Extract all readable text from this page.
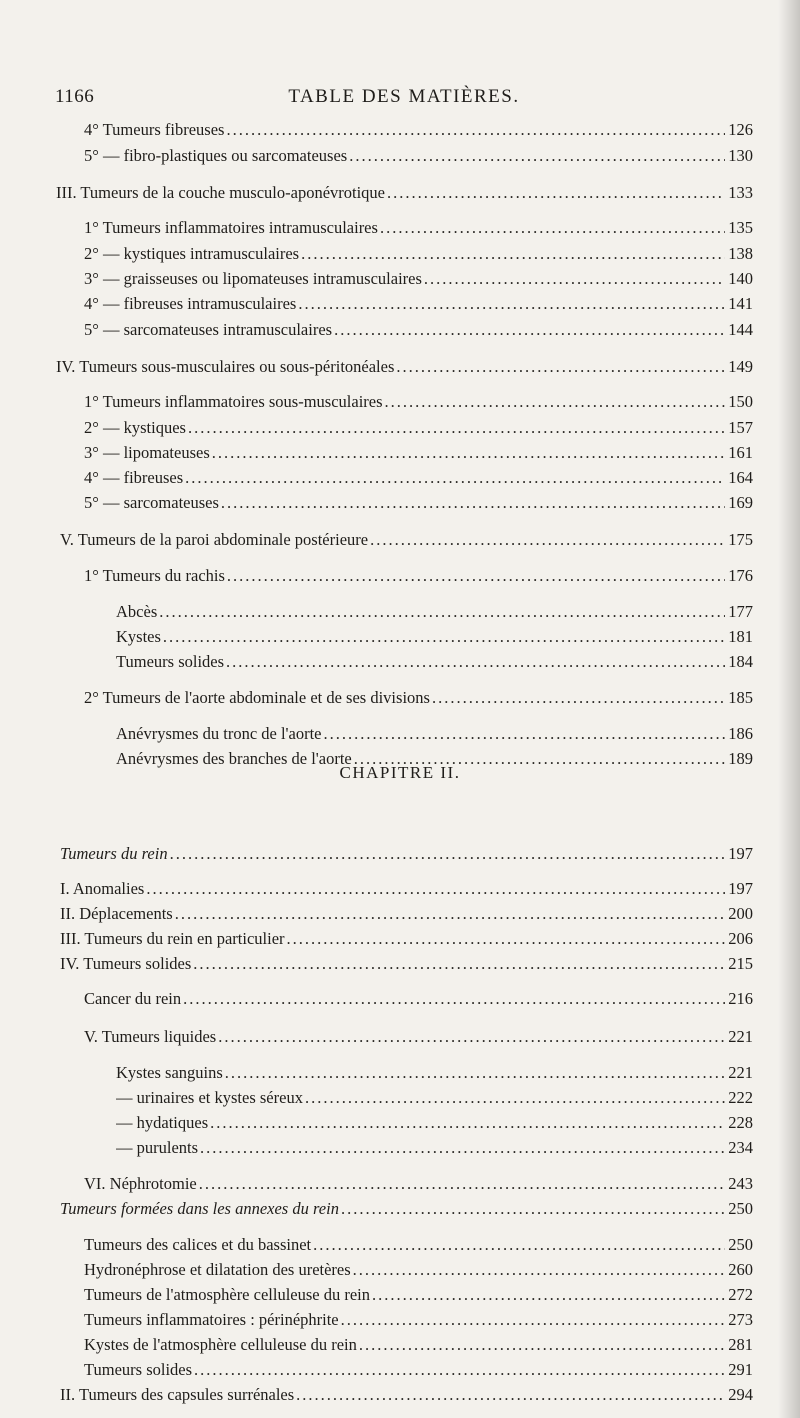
1166	TABLE DES MATIÈRES.
CHAPITRE II.
4° Tumeurs fibreuses .....	126
5° — fibro-plastiques ou sarcomateuses .....	130
III. Tumeurs de la couche musculo-aponévrotique .....	133
1° Tumeurs inflammatoires intramusculaires .....	135
2° — kystiques intramusculaires .....	138
3° — graisseuses ou lipomateuses intramusculaires .....	140
4° — fibreuses intramusculaires .....	141
5° — sarcomateuses intramusculaires .....	144
IV. Tumeurs sous-musculaires ou sous-péritonéales .....	149
1° Tumeurs inflammatoires sous-musculaires .....	150
2° — kystiques .....	157
3° — lipomateuses .....	161
4° — fibreuses .....	164
5° — sarcomateuses .....	169
V. Tumeurs de la paroi abdominale postérieure .....	175
1° Tumeurs du rachis .....	176
Abcès .....	177
Kystes .....	181
Tumeurs solides .....	184
2° Tumeurs de l'aorte abdominale et de ses divisions .....	185
Anévrysmes du tronc de l'aorte .....	186
Anévrysmes des branches de l'aorte .....	189
Tumeurs du rein .....	197
I. Anomalies .....	197
II. Déplacements .....	200
III. Tumeurs du rein en particulier .....	206
IV. Tumeurs solides .....	215
Cancer du rein .....	216
V. Tumeurs liquides .....	221
Kystes sanguins .....	221
— urinaires et kystes séreux .....	222
— hydatiques .....	228
— purulents .....	234
VI. Néphrotomie .....	243
Tumeurs formées dans les annexes du rein .....	250
Tumeurs des calices et du bassinet .....	250
Hydronéphrose et dilatation des uretères .....	260
Tumeurs de l'atmosphère celluleuse du rein .....	272
Tumeurs inflammatoires : périnéphrite .....	273
Kystes de l'atmosphère celluleuse du rein .....	281
Tumeurs solides .....	291
II. Tumeurs des capsules surrénales .....	294
